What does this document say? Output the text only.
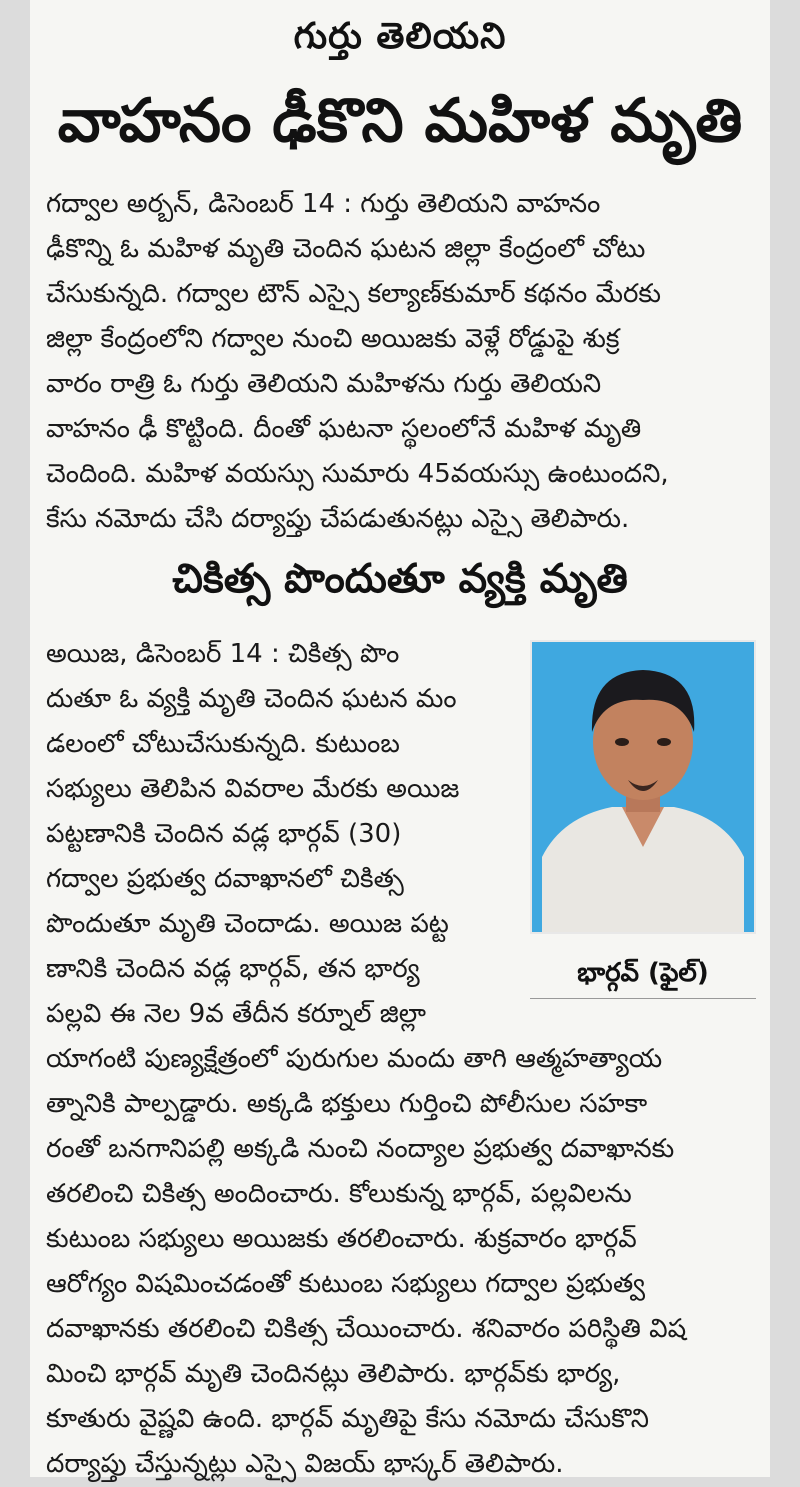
గుర్తు తెలియని
వాహనం ఢీకొని మహిళ మృతి
గద్వాల అర్బన్, డిసెంబర్ 14 : గుర్తు తెలియని వాహనం
ఢీకొన్ని ఓ మహిళ మృతి చెందిన ఘటన జిల్లా కేంద్రంలో చోటు
చేసుకున్నది. గద్వాల టౌన్ ఎస్సై కల్యాణ్‌కుమార్ కథనం మేరకు
జిల్లా కేంద్రంలోని గద్వాల నుంచి అయిజకు వెళ్లే రోడ్డుపై శుక్ర
వారం రాత్రి ఓ గుర్తు తెలియని మహిళను గుర్తు తెలియని
వాహనం ఢీ కొట్టింది. దీంతో ఘటనా స్థలంలోనే మహిళ మృతి
చెందింది. మహిళ వయస్సు సుమారు 45వయస్సు ఉంటుందని,
కేసు నమోదు చేసి దర్యాప్తు చేపడుతునట్లు ఎస్సై తెలిపారు.
చికిత్స పొందుతూ వ్యక్తి మృతి
భార్గవ్ (ఫైల్)
అయిజ, డిసెంబర్ 14 : చికిత్స పొం
దుతూ ఓ వ్యక్తి మృతి చెందిన ఘటన మం
డలంలో చోటుచేసుకున్నది. కుటుంబ
సభ్యులు తెలిపిన వివరాల మేరకు అయిజ
పట్టణానికి చెందిన వడ్ల భార్గవ్ (30)
గద్వాల ప్రభుత్వ దవాఖానలో చికిత్స
పొందుతూ మృతి చెందాడు. అయిజ పట్ట
ణానికి చెందిన వడ్ల భార్గవ్, తన భార్య
పల్లవి ఈ నెల 9వ తేదీన కర్నూల్ జిల్లా
యాగంటి పుణ్యక్షేత్రంలో పురుగుల మందు తాగి ఆత్మహత్యాయ
త్నానికి పాల్పడ్డారు. అక్కడి భక్తులు గుర్తించి పోలీసుల సహకా
రంతో బనగానిపల్లి అక్కడి నుంచి నంద్యాల ప్రభుత్వ దవాఖానకు
తరలించి చికిత్స అందించారు. కోలుకున్న భార్గవ్, పల్లవిలను
కుటుంబ సభ్యులు అయిజకు తరలించారు. శుక్రవారం భార్గవ్
ఆరోగ్యం విషమించడంతో కుటుంబ సభ్యులు గద్వాల ప్రభుత్వ
దవాఖానకు తరలించి చికిత్స చేయించారు. శనివారం పరిస్థితి విష
మించి భార్గవ్ మృతి చెందినట్లు తెలిపారు. భార్గవ్‌కు భార్య,
కూతురు వైష్ణవి ఉంది. భార్గవ్ మృతిపై కేసు నమోదు చేసుకొని
దర్యాప్తు చేస్తున్నట్లు ఎస్సై విజయ్ భాస్కర్ తెలిపారు.
